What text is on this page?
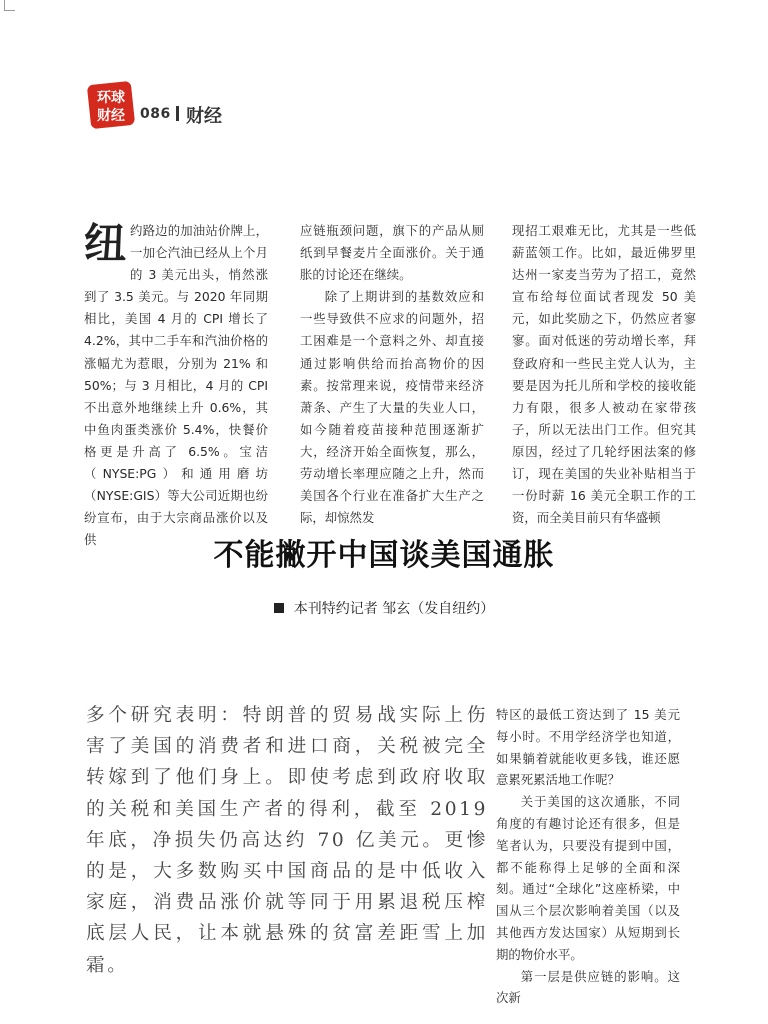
环球
财经 086 财经

纽约路边的加油站价牌上，一加仑汽油已经从上个月的 3 美元出头，悄然涨到了 3.5 美元。与 2020 年同期相比，美国 4 月的 CPI 增长了 4.2%，其中二手车和汽油价格的涨幅尤为惹眼，分别为 21% 和 50%；与 3 月相比，4 月的 CPI 不出意外地继续上升 0.6%，其中鱼肉蛋类涨价 5.4%，快餐价格更是升高了 6.5%。宝洁（NYSE:PG）和通用磨坊（NYSE:GIS）等大公司近期也纷纷宣布，由于大宗商品涨价以及供

应链瓶颈问题，旗下的产品从厕纸到早餐麦片全面涨价。关于通胀的讨论还在继续。

除了上期讲到的基数效应和一些导致供不应求的问题外，招工困难是一个意料之外、却直接通过影响供给而抬高物价的因素。按常理来说，疫情带来经济萧条、产生了大量的失业人口，如今随着疫苗接种范围逐渐扩大，经济开始全面恢复，那么，劳动增长率理应随之上升，然而美国各个行业在准备扩大生产之际，却惊然发

现招工艰难无比，尤其是一些低薪蓝领工作。比如，最近佛罗里达州一家麦当劳为了招工，竟然宣布给每位面试者现发 50 美元，如此奖励之下，仍然应者寥寥。面对低迷的劳动增长率，拜登政府和一些民主党人认为，主要是因为托儿所和学校的接收能力有限，很多人被动在家带孩子，所以无法出门工作。但究其原因，经过了几轮纾困法案的修订，现在美国的失业补贴相当于一份时薪 16 美元全职工作的工资，而全美目前只有华盛顿

不能撇开中国谈美国通胀
本刊特约记者 邹玄（发自纽约）

多个研究表明：特朗普的贸易战实际上伤害了美国的消费者和进口商，关税被完全转嫁到了他们身上。即使考虑到政府收取的关税和美国生产者的得利，截至 2019 年底，净损失仍高达约 70 亿美元。更惨的是，大多数购买中国商品的是中低收入家庭，消费品涨价就等同于用累退税压榨底层人民，让本就悬殊的贫富差距雪上加霜。

特区的最低工资达到了 15 美元每小时。不用学经济学也知道，如果躺着就能收更多钱，谁还愿意累死累活地工作呢？

关于美国的这次通胀，不同角度的有趣讨论还有很多，但是笔者认为，只要没有提到中国，都不能称得上足够的全面和深刻。通过“全球化”这座桥梁，中国从三个层次影响着美国（以及其他西方发达国家）从短期到长期的物价水平。

第一层是供应链的影响。这次新
